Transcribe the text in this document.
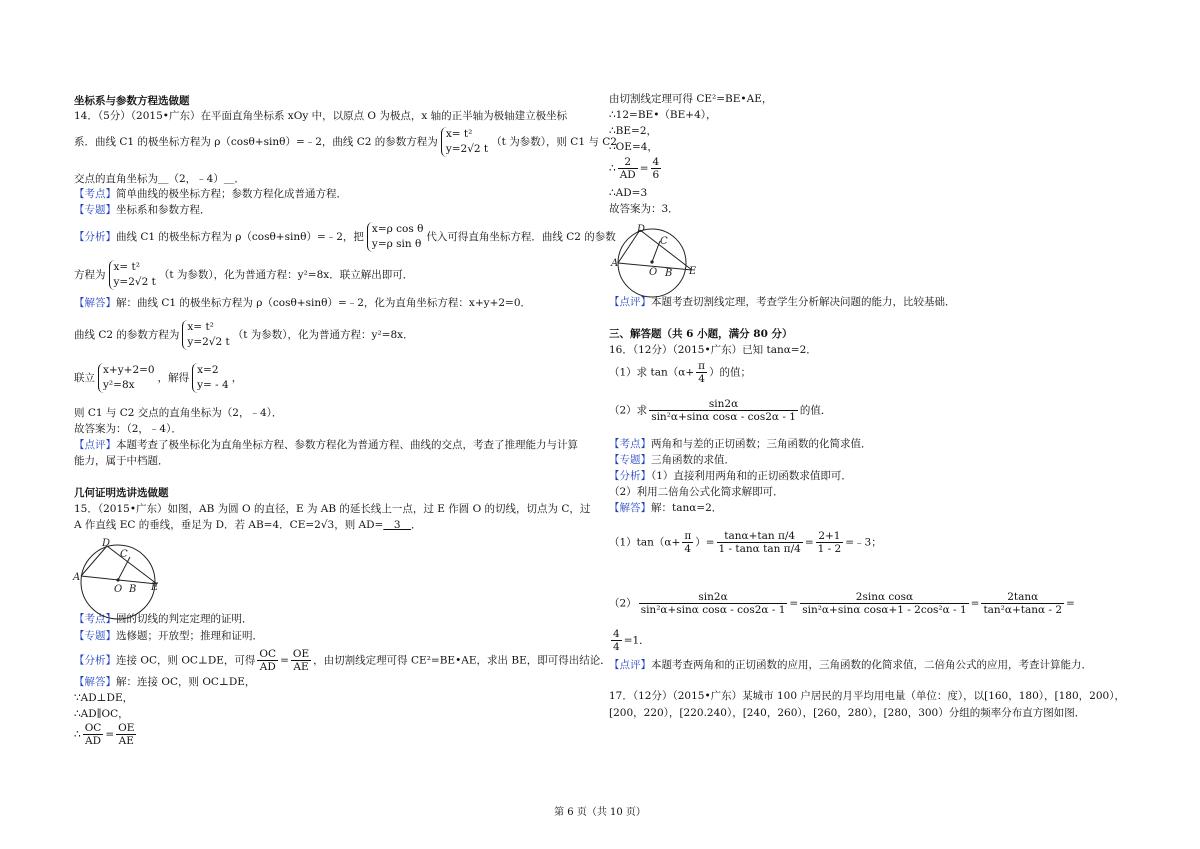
坐标系与参数方程选做题
14．（5分）（2015•广东）在平面直角坐标系 xOy 中，以原点 O 为极点，x 轴的正半轴为极轴建立极坐标
系．曲线 C1 的极坐标方程为 ρ（cosθ+sinθ）=﹣2，曲线 C2 的参数方程为
x= t²
y=2√2 t
（t 为参数），则 C1 与 C2
交点的直角坐标为＿（2，﹣4）＿．
【考点】简单曲线的极坐标方程；参数方程化成普通方程．
【专题】坐标系和参数方程．
【分析】曲线 C1 的极坐标方程为 ρ（cosθ+sinθ）=﹣2，把
x=ρ cos θ
y=ρ sin θ
代入可得直角坐标方程．曲线 C2 的参数
方程为
x= t²
y=2√2 t
（t 为参数），化为普通方程：y²=8x．联立解出即可．
【解答】解：曲线 C1 的极坐标方程为 ρ（cosθ+sinθ）=﹣2，化为直角坐标方程：x+y+2=0．
曲线 C2 的参数方程为
x= t²
y=2√2 t
（t 为参数），化为普通方程：y²=8x．
联立
x+y+2=0
y²=8x
，解得
x=2
y= - 4
，
则 C1 与 C2 交点的直角坐标为（2，﹣4）．
故答案为：（2，﹣4）．
【点评】本题考查了极坐标化为直角坐标方程、参数方程化为普通方程、曲线的交点，考查了推理能力与计算
能力，属于中档题．
几何证明选讲选做题
15．（2015•广东）如图，AB 为圆 O 的直径，E 为 AB 的延长线上一点，过 E 作圆 O 的切线，切点为 C，过
A 作直线 EC 的垂线，垂足为 D．若 AB=4．CE=2√3，则 AD=＿3＿．
【考点】圆的切线的判定定理的证明．
【专题】选修题；开放型；推理和证明．
【分析】连接 OC，则 OC⊥DE，可得 $\frac{OC}{AD} = \frac{OE}{AE}$ ，由切割线定理可得 CE²=BE•AE，求出 BE，即可得出结论．
【解答】解：连接 OC，则 OC⊥DE，
∵AD⊥DE，
∴AD∥OC，
∴ $\frac{OC}{AD} = \frac{OE}{AE}$
由切割线定理可得 CE²=BE•AE，
∴12=BE•（BE+4），
∴BE=2，
∴OE=4，
∴ $\frac{2}{AD} = \frac{4}{6}$
∴AD=3
故答案为：3．
【点评】本题考查切割线定理，考查学生分析解决问题的能力，比较基础．
三、解答题（共 6 小题，满分 80 分）
16．（12分）（2015•广东）已知 tanα=2．
（1）求 $\tan(\alpha+ \frac{\pi}{4}$ ）的值；
（2）求 $\frac{\sin 2\alpha}{\text{sin²α+sinα cosα - cos2α - 1}}$ 的值．
【考点】两角和与差的正切函数；三角函数的化简求值．
【专题】三角函数的求值．
【分析】（1）直接利用两角和的正切函数求值即可．
（2）利用二倍角公式化简求解即可．
【解答】解：tanα=2．
$(1)\tan(\alpha+ \frac{\pi}{4}$ ）= $\frac{\text{tanα+tan π/4}}{\text{1 - tanα tan π/4}} = \frac{2+1}{1 - 2}$ =﹣3；
$(2) \frac{\sin 2\alpha}{\text{sin²α+sinα cosα - cos2α - 1}} = \frac{\text{2sinα cosα}}{\text{sin²α+sinα cosα+1 - 2cos²α - 1}} = \frac{2\tan\alpha}{\text{tan²α+tanα - 2}}$ =
$\frac{4}{4} =1$．
【点评】本题考查两角和的正切函数的应用，三角函数的化简求值，二倍角公式的应用，考查计算能力．
17．（12分）（2015•广东）某城市 100 户居民的月平均用电量（单位：度），以[160，180），[180，200），
[200，220），[220.240），[240，260），[260，280），[280，300）分组的频率分布直方图如图．
D
C
A
O B E
D
C
A
O B E
第 6 页（共 10 页）
